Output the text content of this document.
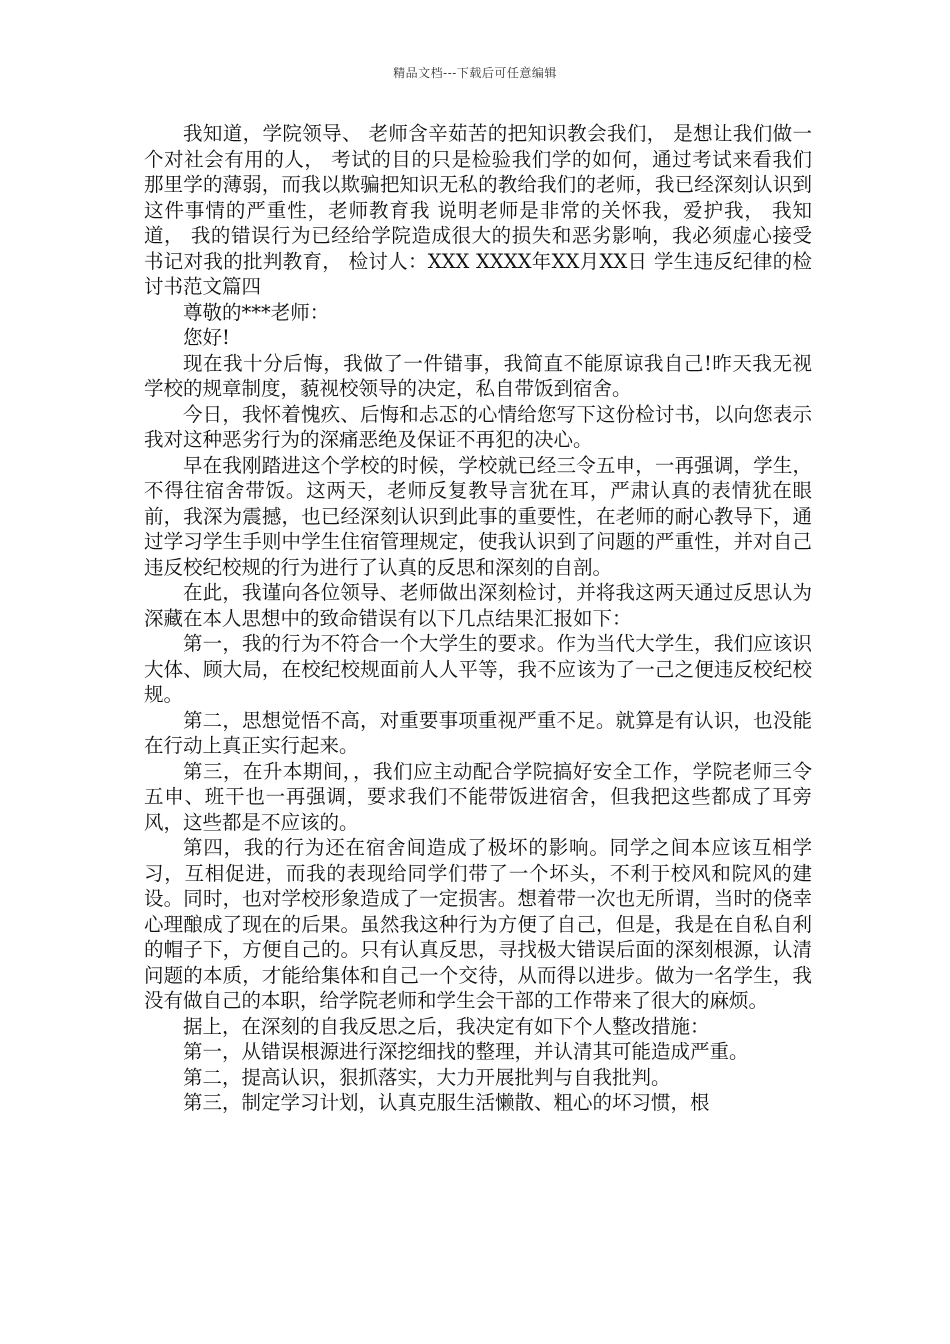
精品文档---下载后可任意编辑

我知道，学院领导、 老师含辛茹苦的把知识教会我们， 是想让我们做一个对社会有用的人， 考试的目的只是检验我们学的如何，通过考试来看我们那里学的薄弱，而我以欺骗把知识无私的教给我们的老师，我已经深刻认识到这件事情的严重性，老师教育我 说明老师是非常的关怀我，爱护我， 我知道， 我的错误行为已经给学院造成很大的损失和恶劣影响，我必须虚心接受书记对我的批判教育， 检讨人：XXX XXXX年XX月XX日 学生违反纪律的检讨书范文篇四

尊敬的***老师：

您好!

现在我十分后悔，我做了一件错事，我简直不能原谅我自己!昨天我无视学校的规章制度，藐视校领导的决定，私自带饭到宿舍。

今日，我怀着愧疚、后悔和忐忑的心情给您写下这份检讨书，以向您表示我对这种恶劣行为的深痛恶绝及保证不再犯的决心。

早在我刚踏进这个学校的时候，学校就已经三令五申，一再强调，学生，不得往宿舍带饭。这两天，老师反复教导言犹在耳，严肃认真的表情犹在眼前，我深为震撼，也已经深刻认识到此事的重要性，在老师的耐心教导下，通过学习学生手则中学生住宿管理规定，使我认识到了问题的严重性，并对自己违反校纪校规的行为进行了认真的反思和深刻的自剖。

在此，我谨向各位领导、老师做出深刻检讨，并将我这两天通过反思认为深藏在本人思想中的致命错误有以下几点结果汇报如下：

第一，我的行为不符合一个大学生的要求。作为当代大学生，我们应该识大体、顾大局，在校纪校规面前人人平等，我不应该为了一己之便违反校纪校规。

第二，思想觉悟不高，对重要事项重视严重不足。就算是有认识，也没能在行动上真正实行起来。

第三，在升本期间，，我们应主动配合学院搞好安全工作，学院老师三令五申、班干也一再强调，要求我们不能带饭进宿舍，但我把这些都成了耳旁风，这些都是不应该的。

第四，我的行为还在宿舍间造成了极坏的影响。同学之间本应该互相学习，互相促进，而我的表现给同学们带了一个坏头，不利于校风和院风的建设。同时，也对学校形象造成了一定损害。想着带一次也无所谓，当时的侥幸心理酿成了现在的后果。虽然我这种行为方便了自己，但是，我是在自私自利的帽子下，方便自己的。只有认真反思，寻找极大错误后面的深刻根源，认清问题的本质，才能给集体和自己一个交待，从而得以进步。做为一名学生，我没有做自己的本职，给学院老师和学生会干部的工作带来了很大的麻烦。

据上，在深刻的自我反思之后，我决定有如下个人整改措施：

第一，从错误根源进行深挖细找的整理，并认清其可能造成严重。

第二，提高认识，狠抓落实，大力开展批判与自我批判。

第三，制定学习计划，认真克服生活懒散、粗心的坏习惯，根
